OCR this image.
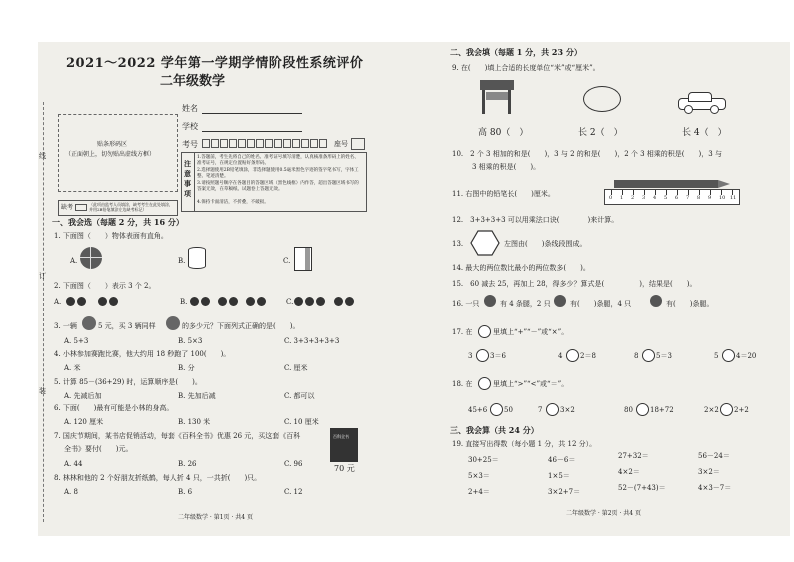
2021～2022 学年第一学期学情阶段性系统评价
二年级数学
线
订
装
贴条形码区
（正面朝上，切勿贴出虚线方框）
姓名
学校
考号	座号
注意事项
1.答题前，考生先将自己的姓名、准考证号填写清楚，认真核准条形码上的姓名、准考证号，在规定位置贴好条形码。
2.选择题使用2B铅笔填涂，非选择题使用0.5毫米黑色字迹的签字笔书写，字体工整、笔迹清楚。
3.请按照题号顺序在各题目的答题区域（黑色线框）内作答，超出答题区域书写的答案无效，在草稿纸、试题卷上答题无效。
4.保持卡面清洁，不折叠，不破损。
缺考	（此项由监考人员填涂，缺考考生在此处填涂，并用2B铅笔填涂左边缺考标记）
一、我会选（每题 2 分，共 16 分）
1. 下面图（　　）物体表面有直角。
A.	B.	C.
2. 下面图（　　）表示 3 个 2。
A.	B.	C.
3. 一辆	5 元，买 3 辆同样	的多少元？下面列式正确的是(　　)。
A. 5+3	B. 5×3	C. 3+3+3+3+3
4. 小林参加赛跑比赛，他大约用 18 秒跑了 100(　　)。
A. 米	B. 分	C. 厘米
5. 计算 85－(36+29) 时，运算顺序是(　　)。
A. 先减后加	B. 先加后减	C. 都可以
6. 下面(　　)最有可能是小林的身高。
A. 120 厘米	B. 130 米	C. 10 厘米
7. 国庆节期间，某书店促销活动，每套《百科全书》优惠 26 元，买这套《百科
全书》要付(　　)元。
A. 44	B. 26	C. 96
百科全书
70 元
8. 林林和他的 2 个好朋友折纸鹤，每人折 4 只，一共折(　　)只。
A. 8	B. 6	C. 12
二年级数学 · 第1页 · 共4 页
二、我会填（每题 1 分，共 23 分）
9. 在(　　)填上合适的长度单位“米”或“厘米”。
高 80（　）	长 2（　）	长 4（　）
10.　2 个 3 相加的和是(　　)，3 与 2 的和是(　　)，2 个 3 相乘的积是(　　)，3 与
3 相乘的积是(　　)。
11. 右图中的铅笔长(　　)厘米。	0 1 2 3 4 5 6 7 8 9 10 11
12.　3+3+3+3 可以用乘法口诀(　　　　)来计算。
13.	左图由(　　)条线段围成。
14. 最大的两位数比最小的两位数多(　　)。
15.　60 减去 25，再加上 28，得多少？算式是(　　　　　)，结果是(　　)。
16. 一只	有 4 条腿，2 只	有(　　)条腿，4 只	有(　　)条腿。
17. 在	里填上“+”“－”或“×”。
3	3＝6	4	2＝8	8	5＝3	5	4＝20
18. 在	里填上“>”“<”或“＝”。
45+6 50	7	3×2	80 18+72	2×2 2+2
三、我会算（共 24 分）
19. 直接写出得数（每小题 1 分，共 12 分）。
30+25＝	46－6＝	27+32＝	56－24＝
5×3＝	1×5＝	4×2＝	3×2＝
2+4＝	3×2+7＝	52－(7+43)＝	4×3－7＝
二年级数学 · 第2页 · 共4 页
